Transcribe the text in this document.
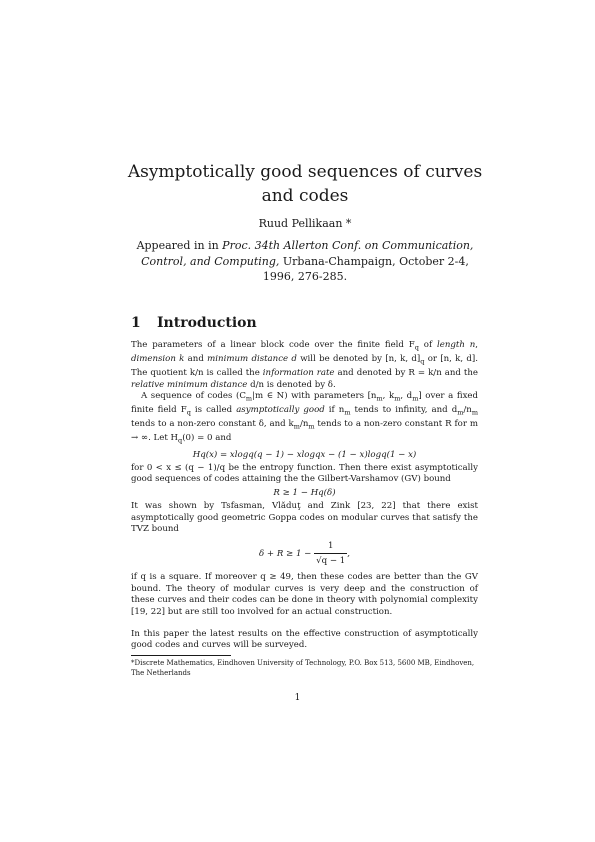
Asymptotically good sequences of curves and codes
Ruud Pellikaan *
Appeared in in Proc. 34th Allerton Conf. on Communication, Control, and Computing, Urbana-Champaign, October 2-4, 1996, 276-285.
1 Introduction

The parameters of a linear block code over the finite field $F_q$ of length n, dimension k and minimum distance d will be denoted by [n, k, $d]_q$ or [n, k, d]. The quotient k/n is called the information rate and denoted by R = k/n and the relative minimum distance d/n is denoted by δ.

A sequence of codes ($C_m|m$ ∈ N) with parameters [$n_m$, $k_m$, $d_m$] over a fixed finite field $F_q$ is called asymptotically good if $n_m$ tends to infinity, and $d_m/n_m$ tends to a non-zero constant δ, and $k_m/n_m$ tends to a non-zero constant R for m → ∞. Let $H_q(0) = 0$ and

Hq(x) = xlogq(q − 1) − xlogqx − (1 − x)logq(1 − x)

for 0 < x ≤ (q − 1)/q be the entropy function. Then there exist asymptotically good sequences of codes attaining the the Gilbert-Varshamov (GV) bound

R ≥ 1 − Hq(δ)

It was shown by Tsfasman, Vlăduţ and Zink [23, 22] that there exist asymptotically good geometric Goppa codes on modular curves that satisfy the TVZ bound

$\delta + R \ge 1 - \frac{1}{√q - 1}$ ,

if q is a square. If moreover q ≥ 49, then these codes are better than the GV bound. The theory of modular curves is very deep and the construction of these curves and their codes can be done in theory with polynomial complexity [19, 22] but are still too involved for an actual construction.

In this paper the latest results on the effective construction of asymptotically good codes and curves will be surveyed.

*Discrete Mathematics, Eindhoven University of Technology, P.O. Box 513, 5600 MB, Eindhoven, The Netherlands
1
